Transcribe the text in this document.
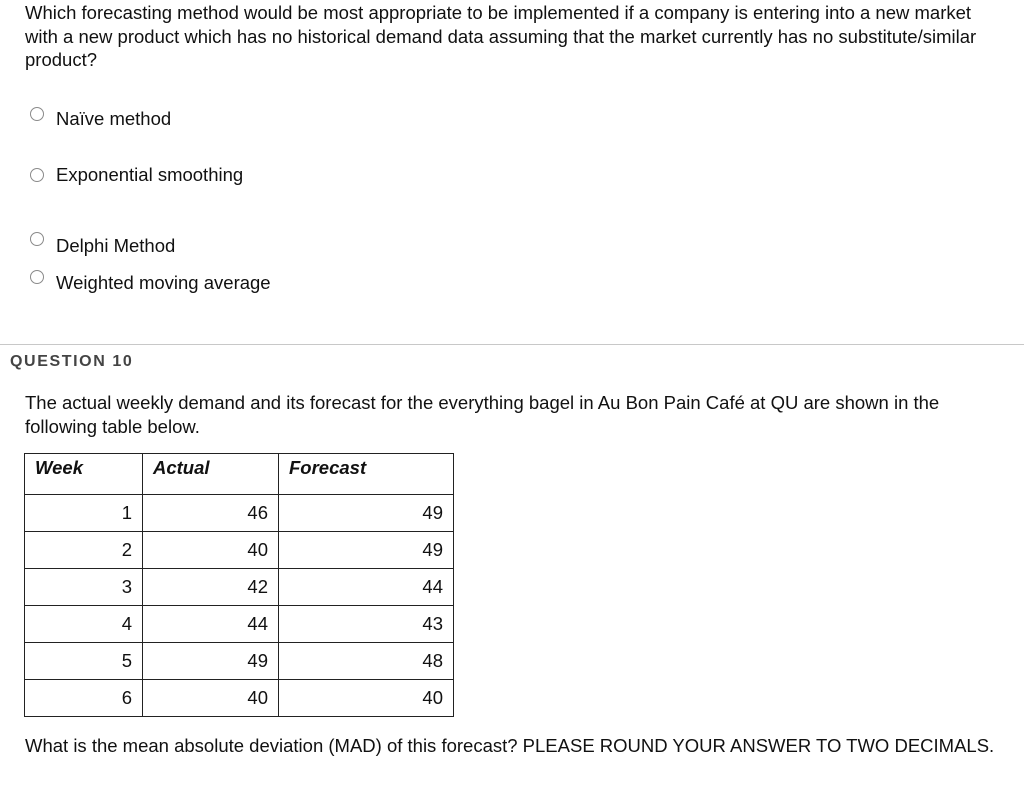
Which forecasting method would be most appropriate to be implemented if a company is entering into a new market with a new product which has no historical demand data assuming that the market currently has no substitute/similar product?

Naïve method
Exponential smoothing
Delphi Method
Weighted moving average
QUESTION 10

The actual weekly demand and its forecast for the everything bagel in Au Bon Pain Café at QU are shown in the following table below.

Week	Actual	Forecast
1	46	49
2	40	49
3	42	44
4	44	43
5	49	48
6	40	40

What is the mean absolute deviation (MAD) of this forecast? PLEASE ROUND YOUR ANSWER TO TWO DECIMALS.
